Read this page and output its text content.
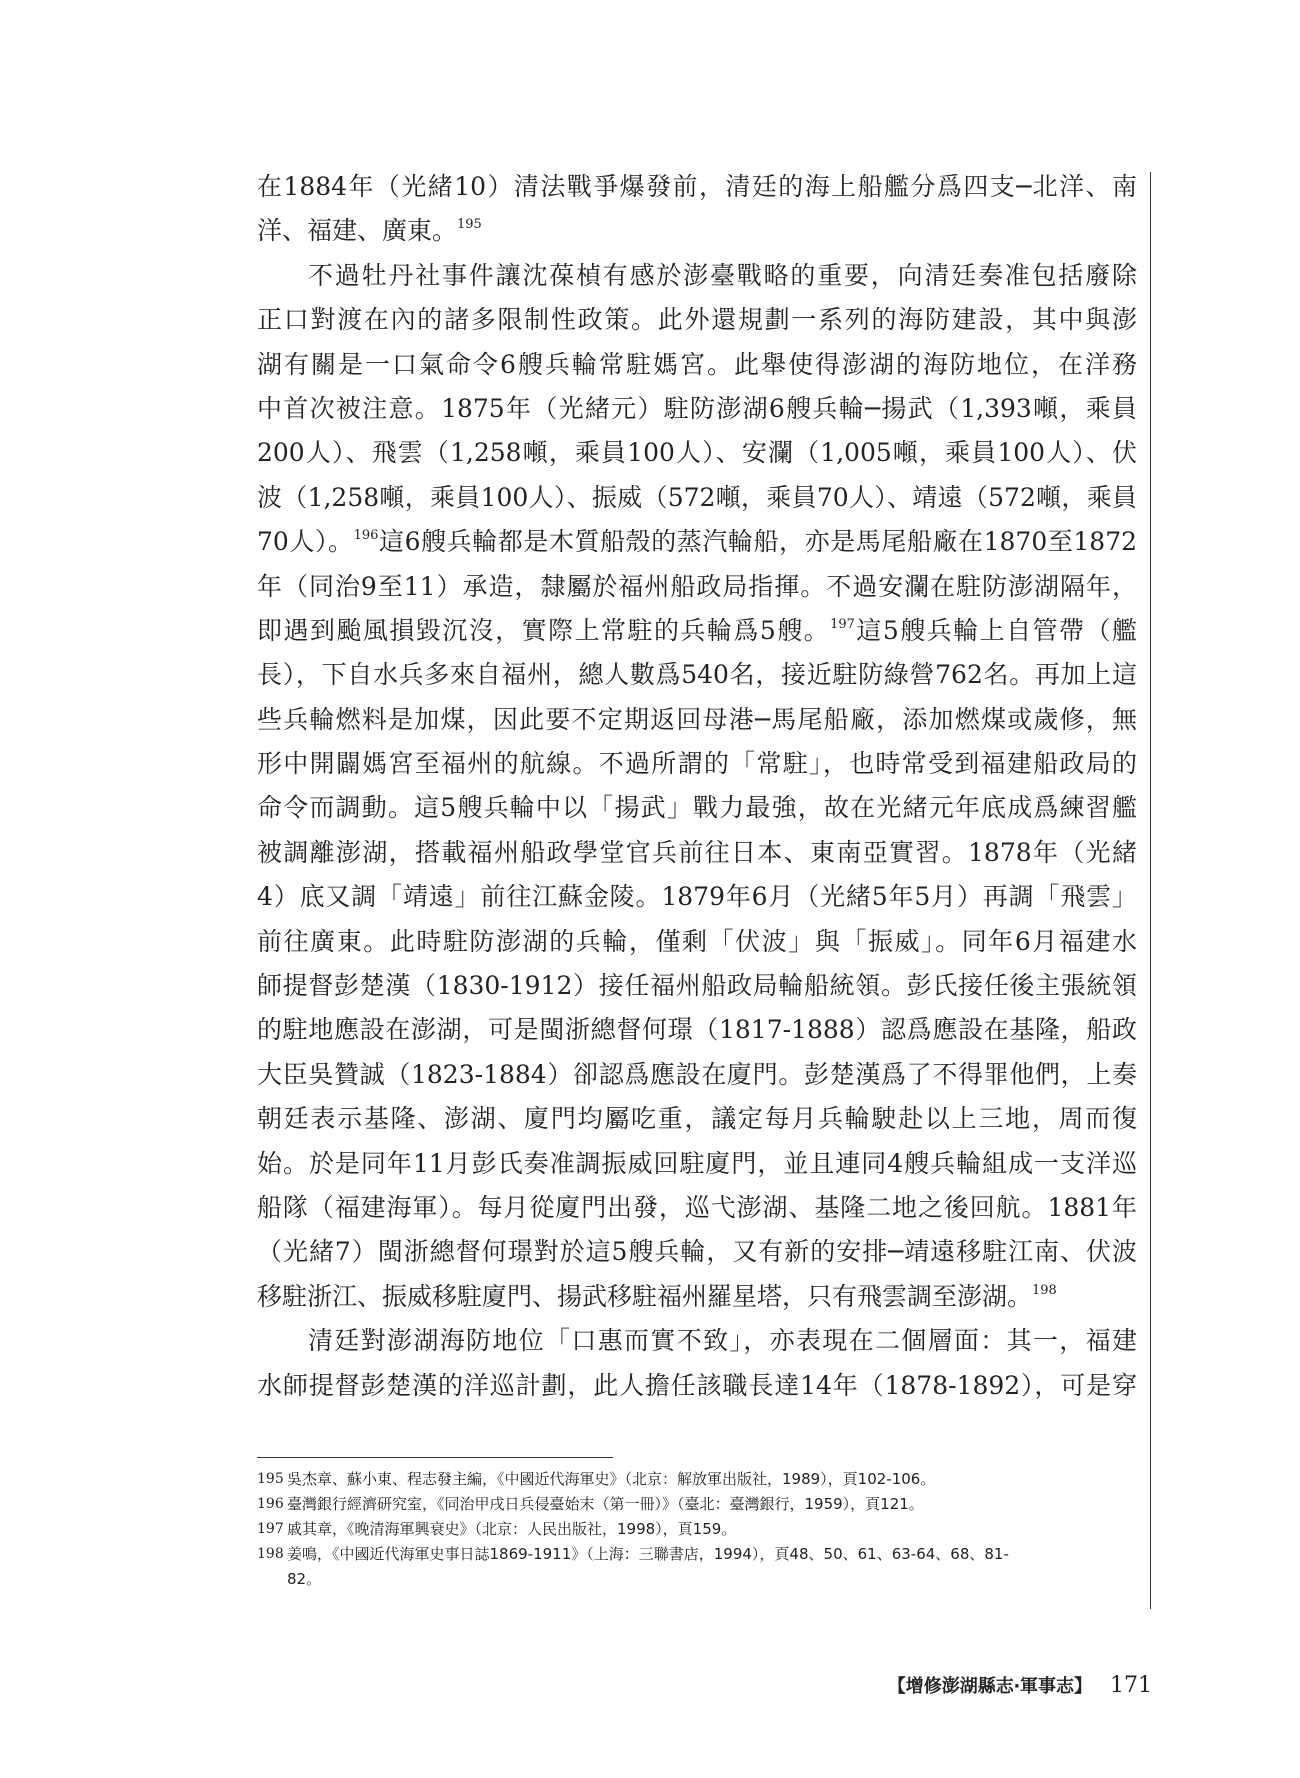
在1884年（光緒10）清法戰爭爆發前，清廷的海上船艦分爲四支─北洋、南
洋、福建、廣東。$^{195}$
不過牡丹社事件讓沈葆楨有感於澎臺戰略的重要，向清廷奏准包括廢除
正口對渡在內的諸多限制性政策。此外還規劃一系列的海防建設，其中與澎
湖有關是一口氣命令6艘兵輪常駐媽宮。此舉使得澎湖的海防地位，在洋務
中首次被注意。1875年（光緒元）駐防澎湖6艘兵輪─揚武（1,393噸，乘員
200人）、飛雲（1,258噸，乘員100人）、安瀾（1,005噸，乘員100人）、伏
波（1,258噸，乘員100人）、振威（572噸，乘員70人）、靖遠（572噸，乘員
70人）。$^{196}$這6艘兵輪都是木質船殼的蒸汽輪船，亦是馬尾船廠在1870至1872
年（同治9至11）承造，隸屬於福州船政局指揮。不過安瀾在駐防澎湖隔年，
即遇到颱風損毀沉沒，實際上常駐的兵輪爲5艘。$^{197}$這5艘兵輪上自管帶（艦
長），下自水兵多來自福州，總人數爲540名，接近駐防綠營762名。再加上這
些兵輪燃料是加煤，因此要不定期返回母港─馬尾船廠，添加燃煤或歲修，無
形中開闢媽宮至福州的航線。不過所謂的「常駐」，也時常受到福建船政局的
命令而調動。這5艘兵輪中以「揚武」戰力最強，故在光緒元年底成爲練習艦
被調離澎湖，搭載福州船政學堂官兵前往日本、東南亞實習。1878年（光緒
4）底又調「靖遠」前往江蘇金陵。1879年6月（光緒5年5月）再調「飛雲」
前往廣東。此時駐防澎湖的兵輪，僅剩「伏波」與「振威」。同年6月福建水
師提督彭楚漢（1830-1912）接任福州船政局輪船統領。彭氏接任後主張統領
的駐地應設在澎湖，可是閩浙總督何璟（1817-1888）認爲應設在基隆，船政
大臣吳贊誠（1823-1884）卻認爲應設在廈門。彭楚漢爲了不得罪他們，上奏
朝廷表示基隆、澎湖、廈門均屬吃重，議定每月兵輪駛赴以上三地，周而復
始。於是同年11月彭氏奏准調振威回駐廈門，並且連同4艘兵輪組成一支洋巡
船隊（福建海軍）。每月從廈門出發，巡弋澎湖、基隆二地之後回航。1881年
（光緒7）閩浙總督何璟對於這5艘兵輪，又有新的安排─靖遠移駐江南、伏波
移駐浙江、振威移駐廈門、揚武移駐福州羅星塔，只有飛雲調至澎湖。$^{198}$
清廷對澎湖海防地位「口惠而實不致」，亦表現在二個層面：其一，福建
水師提督彭楚漢的洋巡計劃，此人擔任該職長達14年（1878-1892），可是穿
195 吳杰章、蘇小東、程志發主編，《中國近代海軍史》（北京：解放軍出版社，1989），頁102-106。
196 臺灣銀行經濟研究室，《同治甲戌日兵侵臺始末（第一冊）》（臺北：臺灣銀行，1959），頁121。
197 戚其章，《晚清海軍興衰史》（北京：人民出版社，1998），頁159。
198 姜鳴，《中國近代海軍史事日誌1869-1911》（上海：三聯書店，1994），頁48、50、61、63-64、68、81-
82。
【增修澎湖縣志‧軍事志】 171
